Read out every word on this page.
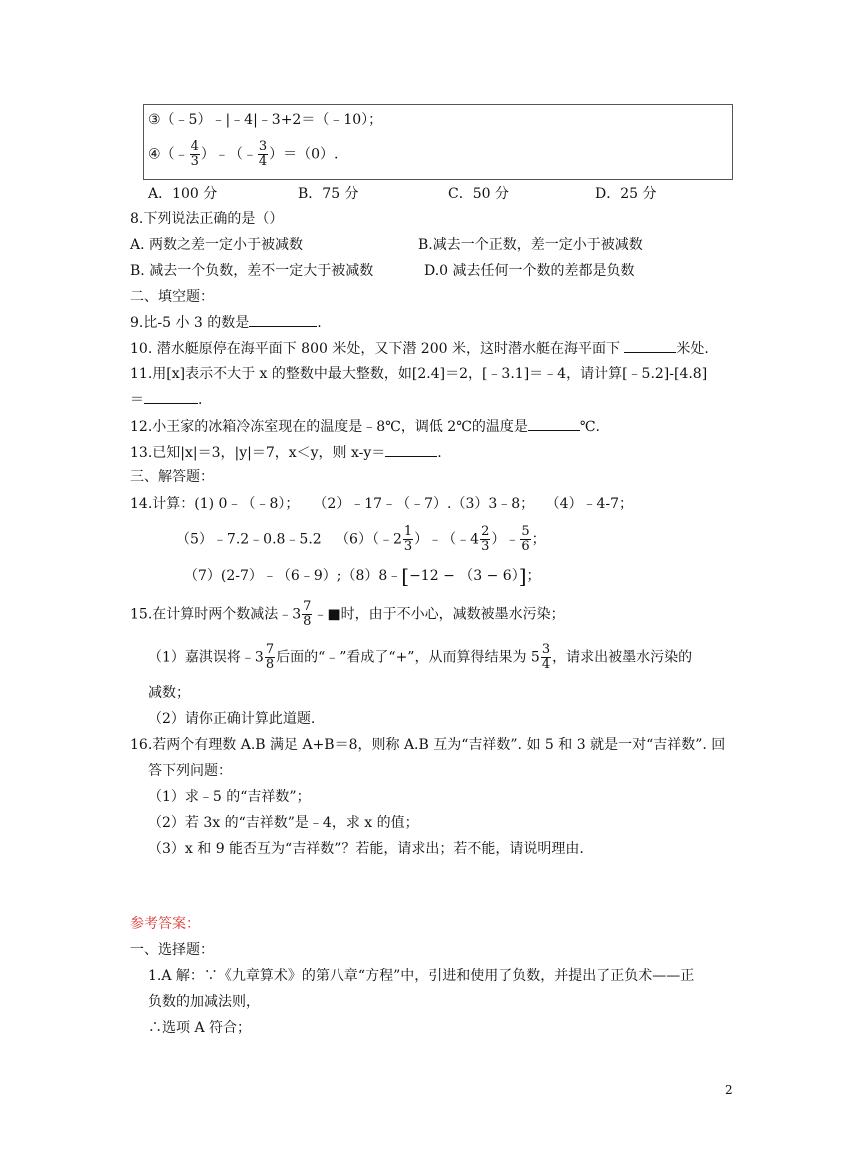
③（﹣5）﹣|﹣4|﹣3+2＝（﹣10）；
④（﹣ $\frac{4}{3}$ ）﹣（﹣ $\frac{3}{4} )=(0)$.
A．100 分	B．75 分	C．50 分	D．25 分
8.下列说法正确的是（）
A. 两数之差一定小于被减数	B.减去一个正数，差一定小于被减数
B. 减去一个负数，差不一定大于被减数	D.0 减去任何一个数的差都是负数
二、填空题：
9.比-5 小 3 的数是	.
10. 潜水艇原停在海平面下 800 米处，又下潜 200 米，这时潜水艇在海平面下	米处.
11.用[x]表示不大于 x 的整数中最大整数，如[2.4]＝2，[﹣3.1]＝﹣4，请计算[﹣5.2]-[4.8]
＝	.
12.小王家的冰箱冷冻室现在的温度是﹣8℃，调低 2℃的温度是	℃.
13.已知|x|＝3，|y|＝7，x＜y，则 x-y＝	.
三、解答题：
14.计算：(1) 0﹣（﹣8）；　　（2）﹣17﹣（﹣7）.（3）3﹣8；　 （4）﹣4-7；
（5）﹣7.2﹣0.8﹣5.2 （6）（﹣2 $\frac{1}{3}$ ）﹣（﹣4 $\frac{2}{3}$ ）﹣ $\frac{5}{6}$ ；
（7）(2-7）﹣（6﹣9）;（8）8﹣[−12 − （3 − 6）]；
15.在计算时两个数减法﹣3 $\frac{7}{8}$ ﹣■时，由于不小心，减数被墨水污染；
（1）嘉淇误将﹣3 $\frac{7}{8}$ 后面的“﹣”看成了“+”，从而算得结果为 $5 \frac{3}{4}$ ，请求出被墨水污染的
减数；
（2）请你正确计算此道题.
16.若两个有理数 A.B 满足 A+B＝8，则称 A.B 互为“吉祥数”. 如 5 和 3 就是一对“吉祥数”. 回
答下列问题：
（1）求﹣5 的“吉祥数”；
（2）若 3x 的“吉祥数”是﹣4，求 x 的值；
（3）x 和 9 能否互为“吉祥数”？若能，请求出；若不能，请说明理由.
参考答案：
一、选择题：
1.A 解：∵《九章算术》的第八章“方程”中，引进和使用了负数，并提出了正负术——正
负数的加减法则，
∴选项 A 符合；
2
